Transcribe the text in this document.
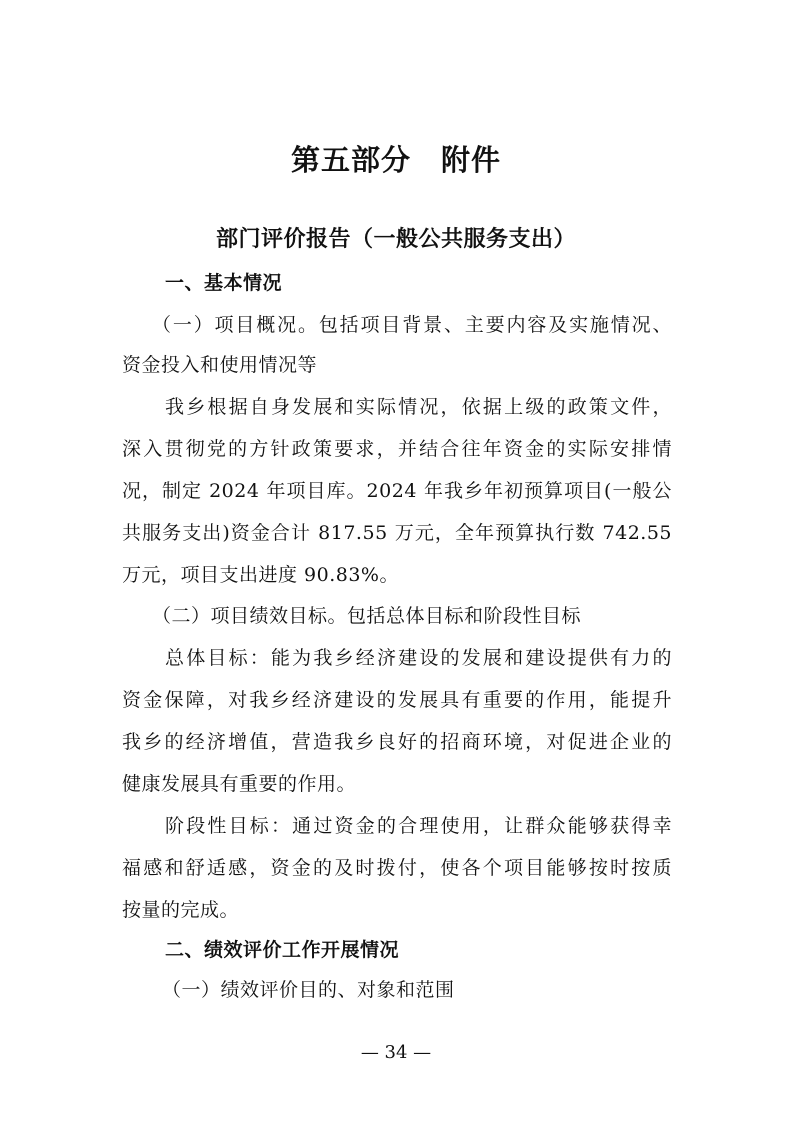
第五部分　附件
部门评价报告（一般公共服务支出）
一、基本情况
（一）项目概况。包括项目背景、主要内容及实施情况、
资金投入和使用情况等
我乡根据自身发展和实际情况，依据上级的政策文件，
深入贯彻党的方针政策要求，并结合往年资金的实际安排情
况，制定 2024 年项目库。2024 年我乡年初预算项目(一般公
共服务支出)资金合计 817.55 万元，全年预算执行数 742.55
万元，项目支出进度 90.83%。
（二）项目绩效目标。包括总体目标和阶段性目标
总体目标：能为我乡经济建设的发展和建设提供有力的
资金保障，对我乡经济建设的发展具有重要的作用，能提升
我乡的经济增值，营造我乡良好的招商环境，对促进企业的
健康发展具有重要的作用。
阶段性目标：通过资金的合理使用，让群众能够获得幸
福感和舒适感，资金的及时拨付，使各个项目能够按时按质
按量的完成。
二、绩效评价工作开展情况
（一）绩效评价目的、对象和范围
— 34 —
